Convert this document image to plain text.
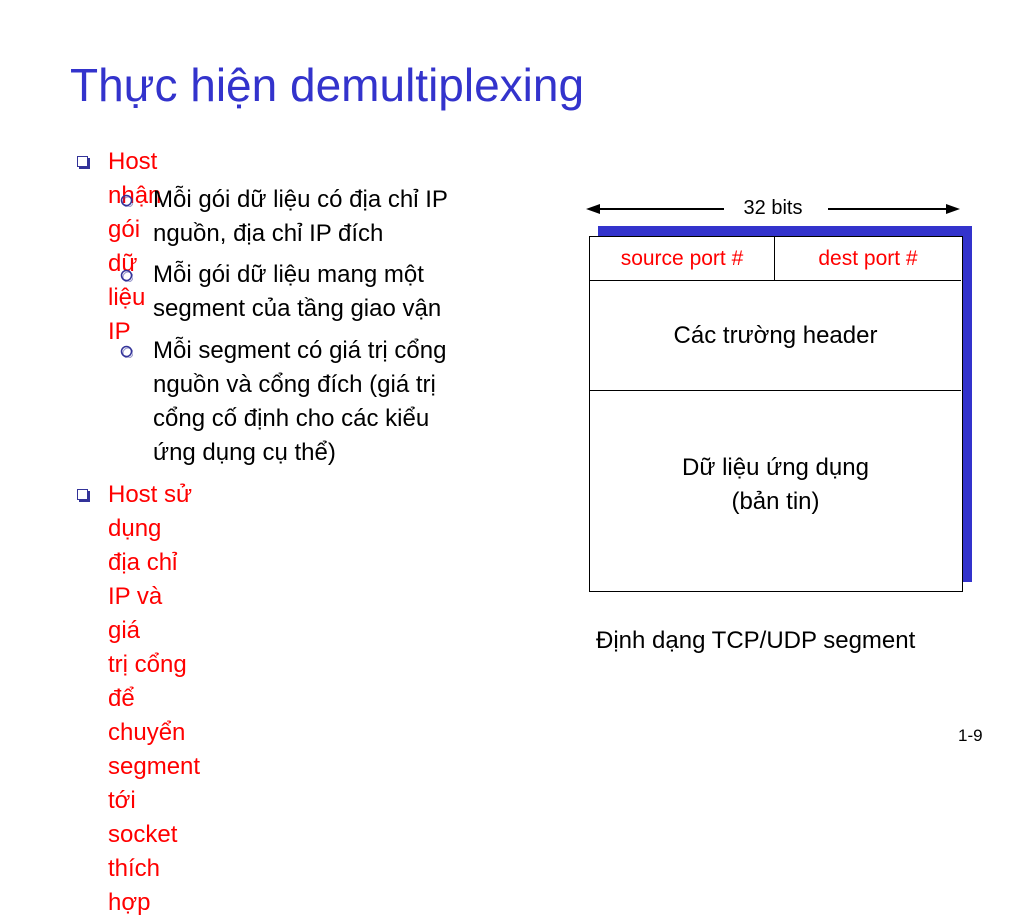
Thực hiện demultiplexing
Host nhận gói dữ liệu IP
Mỗi gói dữ liệu có địa chỉ IP
nguồn, địa chỉ IP đích
Mỗi gói dữ liệu mang một
segment của tầng giao vận
Mỗi segment có giá trị cổng
nguồn và cổng đích (giá trị
cổng cố định cho các kiểu
ứng dụng cụ thể)
Host sử dụng địa chỉ IP và giá
trị cổng để chuyển segment tới
socket thích hợp
32 bits
source port #	dest port #
Các trường header
Dữ liệu ứng dụng
(bản tin)
Định dạng TCP/UDP segment
1-9
